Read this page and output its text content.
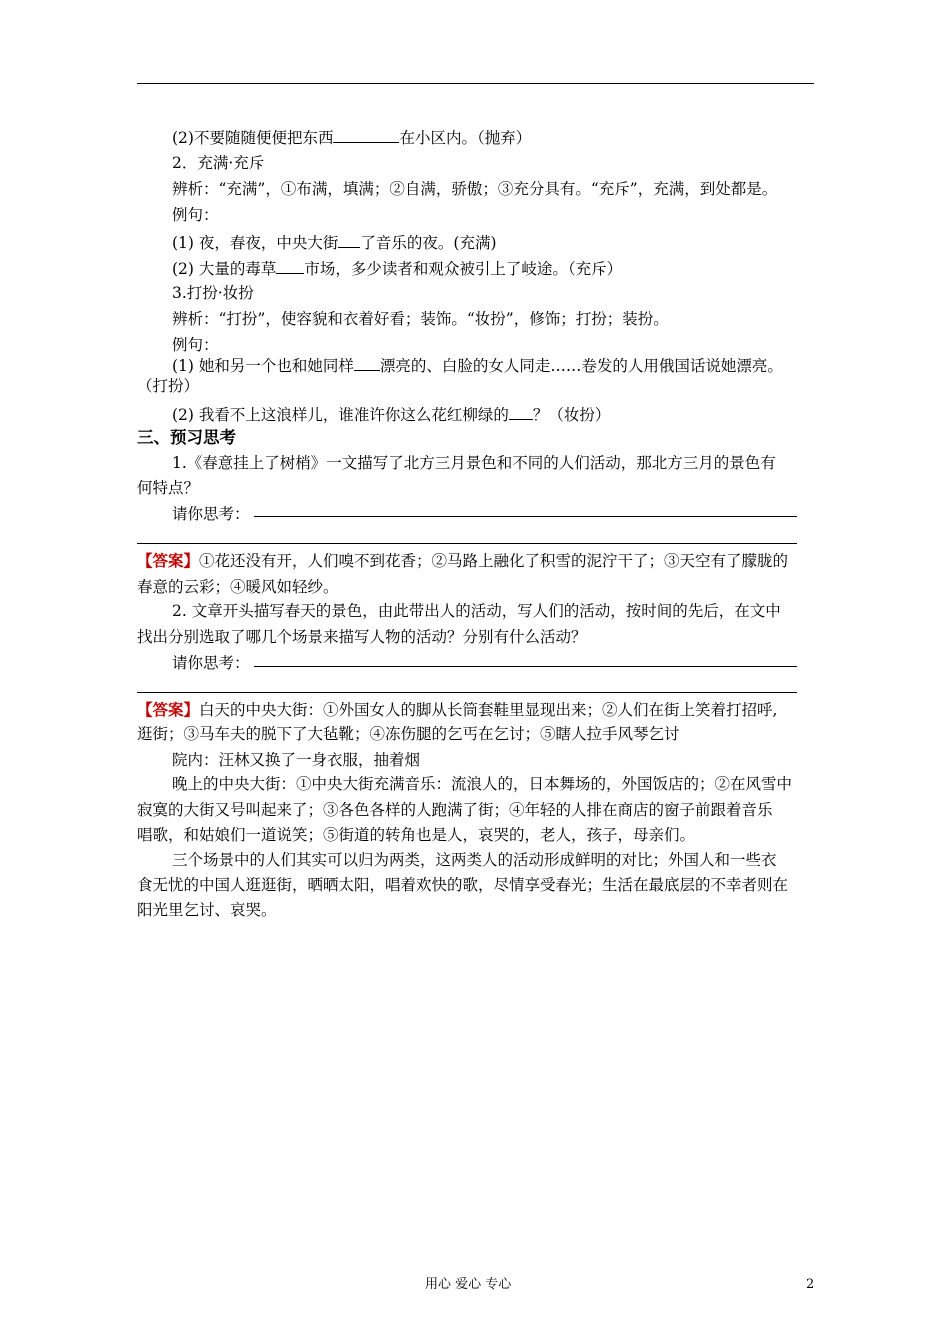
(2)不要随随便便把东西	在小区内。（抛弃）
2．充满·充斥
辨析：“充满”，①布满，填满；②自满，骄傲；③充分具有。“充斥”，充满，到处都是。
例句：
(1) 夜，春夜，中央大街 了音乐的夜。(充满)
(2) 大量的毒草 市场，多少读者和观众被引上了岐途。（充斥）
3.打扮·妆扮
辨析：“打扮”，使容貌和衣着好看；装饰。“妆扮”，修饰；打扮；装扮。
例句：
(1) 她和另一个也和她同样 漂亮的、白脸的女人同走……卷发的人用俄国话说她漂亮。
（打扮）
(2) 我看不上这浪样儿，谁准许你这么花红柳绿的 ？（妆扮）
三、预习思考
1.《春意挂上了树梢》一文描写了北方三月景色和不同的人们活动，那北方三月的景色有
何特点？
请你思考：
【答案】①花还没有开，人们嗅不到花香；②马路上融化了积雪的泥泞干了；③天空有了朦胧的
春意的云彩；④暖风如轻纱。
2. 文章开头描写春天的景色，由此带出人的活动，写人们的活动，按时间的先后，在文中
找出分别选取了哪几个场景来描写人物的活动？分别有什么活动？
请你思考：
【答案】白天的中央大街：①外国女人的脚从长筒套鞋里显现出来；②人们在街上笑着打招呼,
逛街；③马车夫的脱下了大毡靴；④冻伤腿的乞丐在乞讨；⑤瞎人拉手风琴乞讨
院内：汪林又换了一身衣服，抽着烟
晚上的中央大街：①中央大街充满音乐：流浪人的，日本舞场的，外国饭店的；②在风雪中
寂寞的大街又号叫起来了；③各色各样的人跑满了街；④年轻的人排在商店的窗子前跟着音乐
唱歌，和姑娘们一道说笑；⑤街道的转角也是人，哀哭的，老人，孩子，母亲们。
三个场景中的人们其实可以归为两类，这两类人的活动形成鲜明的对比；外国人和一些衣
食无忧的中国人逛逛街，晒晒太阳，唱着欢快的歌，尽情享受春光；生活在最底层的不幸者则在
阳光里乞讨、哀哭。
用心 爱心 专心	2
